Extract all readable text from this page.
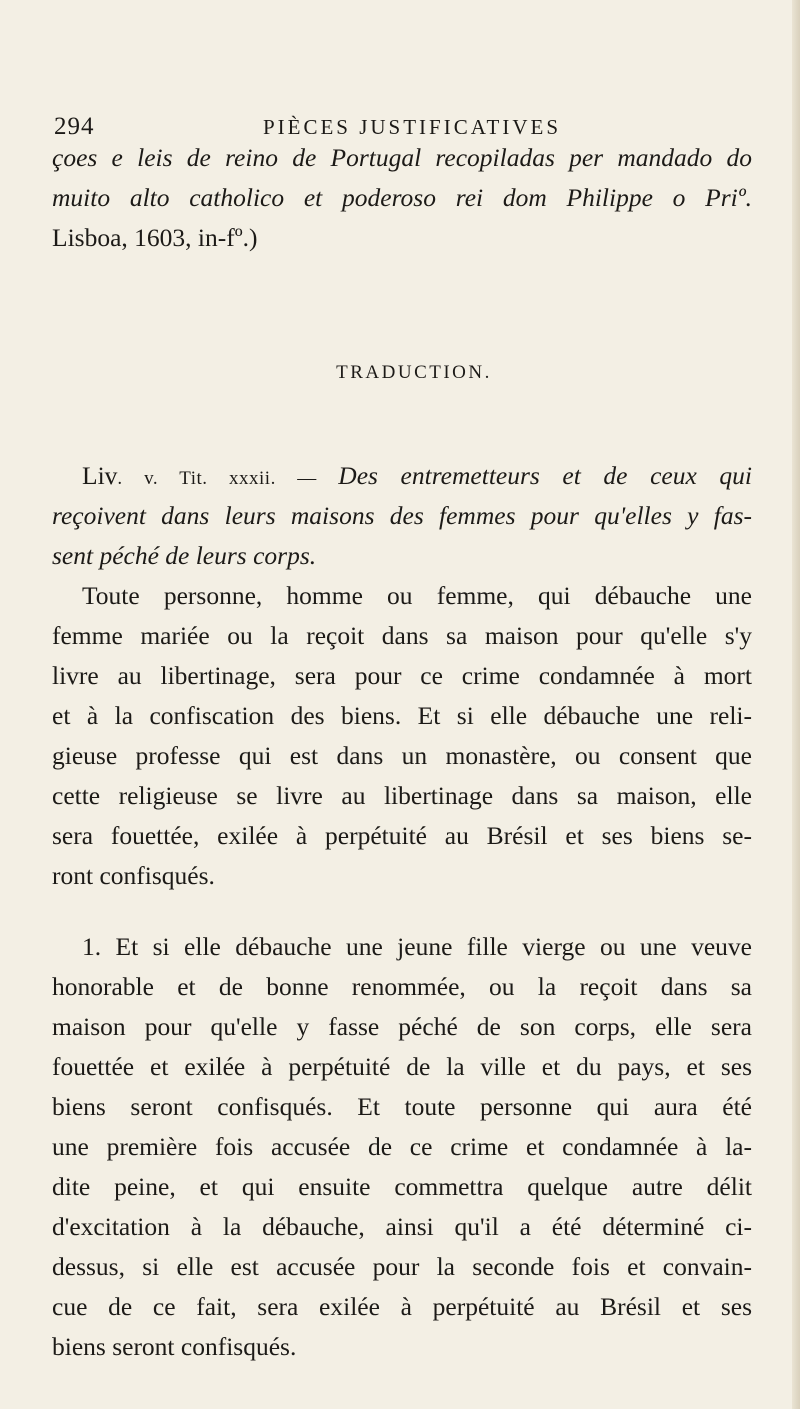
294	PIÈCES JUSTIFICATIVES
çoes e leis de reino de Portugal recopiladas per mandado do
muito alto catholico et poderoso rei dom Philippe o Priº.
Lisboa, 1603, in-fº.)
TRADUCTION.
Liv. v. Tit. xxxii. — Des entremetteurs et de ceux qui
reçoivent dans leurs maisons des femmes pour qu'elles y fas-
sent péché de leurs corps.
Toute personne, homme ou femme, qui débauche une
femme mariée ou la reçoit dans sa maison pour qu'elle s'y
livre au libertinage, sera pour ce crime condamnée à mort
et à la confiscation des biens. Et si elle débauche une reli-
gieuse professe qui est dans un monastère, ou consent que
cette religieuse se livre au libertinage dans sa maison, elle
sera fouettée, exilée à perpétuité au Brésil et ses biens se-
ront confisqués.
1. Et si elle débauche une jeune fille vierge ou une veuve
honorable et de bonne renommée, ou la reçoit dans sa
maison pour qu'elle y fasse péché de son corps, elle sera
fouettée et exilée à perpétuité de la ville et du pays, et ses
biens seront confisqués. Et toute personne qui aura été
une première fois accusée de ce crime et condamnée à la-
dite peine, et qui ensuite commettra quelque autre délit
d'excitation à la débauche, ainsi qu'il a été déterminé ci-
dessus, si elle est accusée pour la seconde fois et convain-
cue de ce fait, sera exilée à perpétuité au Brésil et ses
biens seront confisqués.
